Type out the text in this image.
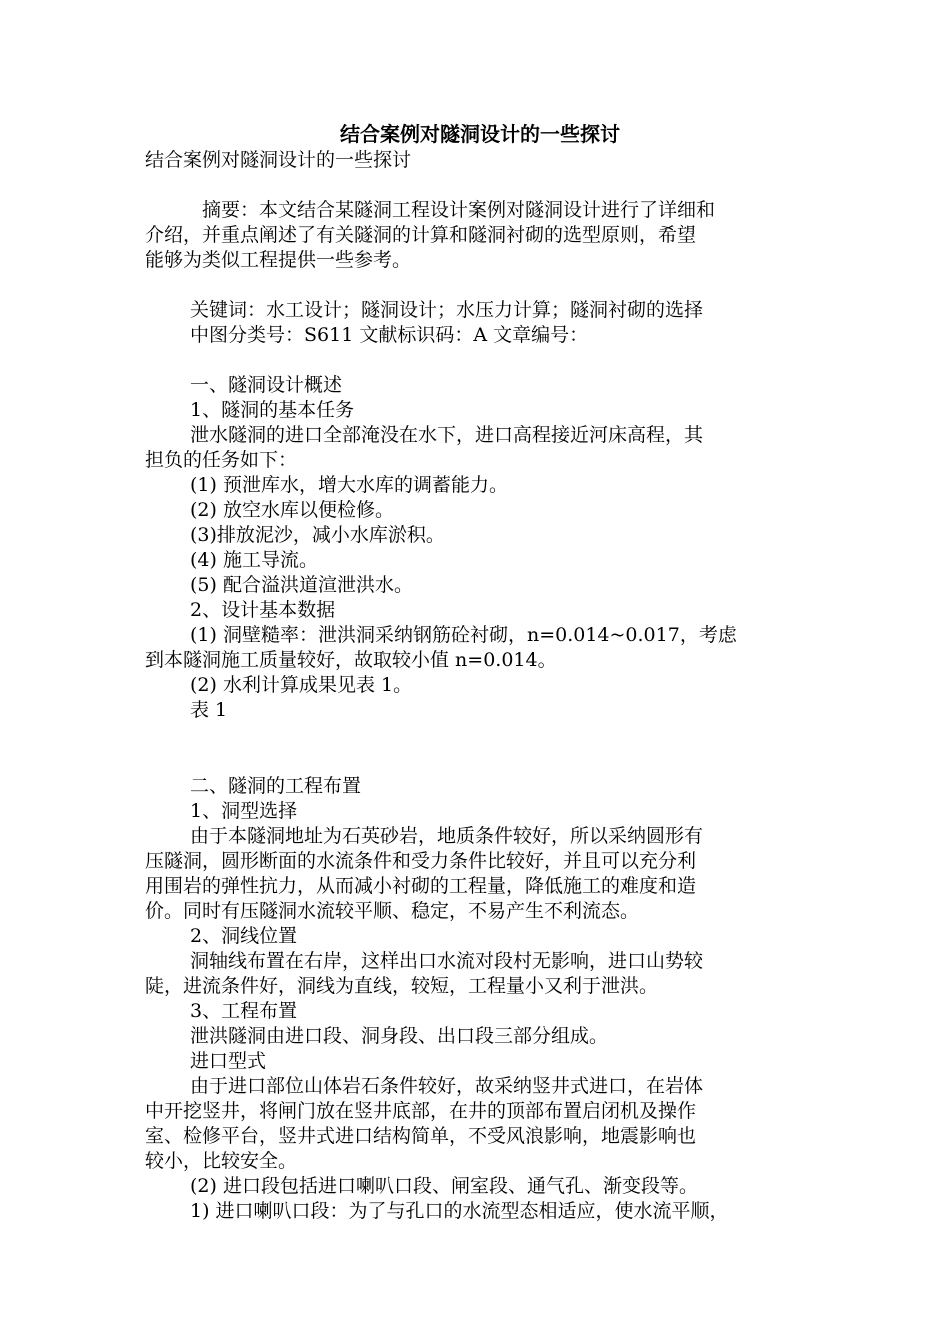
结合案例对隧洞设计的一些探讨
结合案例对隧洞设计的一些探讨
摘要：本文结合某隧洞工程设计案例对隧洞设计进行了详细和
介绍，并重点阐述了有关隧洞的计算和隧洞衬砌的选型原则，希望
能够为类似工程提供一些参考。
关键词：水工设计；隧洞设计；水压力计算；隧洞衬砌的选择
中图分类号：S611 文献标识码：A 文章编号：
一、隧洞设计概述
1、隧洞的基本任务
泄水隧洞的进口全部淹没在水下，进口高程接近河床高程，其
担负的任务如下：
(1) 预泄库水，增大水库的调蓄能力。
(2) 放空水库以便检修。
(3)排放泥沙，减小水库淤积。
(4) 施工导流。
(5) 配合溢洪道渲泄洪水。
2、设计基本数据
(1) 洞壁糙率：泄洪洞采纳钢筋砼衬砌，n=0.014~0.017，考虑
到本隧洞施工质量较好，故取较小值 n=0.014。
(2) 水利计算成果见表 1。
表 1
二、隧洞的工程布置
1、洞型选择
由于本隧洞地址为石英砂岩，地质条件较好，所以采纳圆形有
压隧洞，圆形断面的水流条件和受力条件比较好，并且可以充分利
用围岩的弹性抗力，从而减小衬砌的工程量，降低施工的难度和造
价。同时有压隧洞水流较平顺、稳定，不易产生不利流态。
2、洞线位置
洞轴线布置在右岸，这样出口水流对段村无影响，进口山势较
陡，进流条件好，洞线为直线，较短，工程量小又利于泄洪。
3、工程布置
泄洪隧洞由进口段、洞身段、出口段三部分组成。
进口型式
由于进口部位山体岩石条件较好，故采纳竖井式进口，在岩体
中开挖竖井，将闸门放在竖井底部，在井的顶部布置启闭机及操作
室、检修平台，竖井式进口结构简单，不受风浪影响，地震影响也
较小，比较安全。
(2) 进口段包括进口喇叭口段、闸室段、通气孔、渐变段等。
1) 进口喇叭口段：为了与孔口的水流型态相适应，使水流平顺，
